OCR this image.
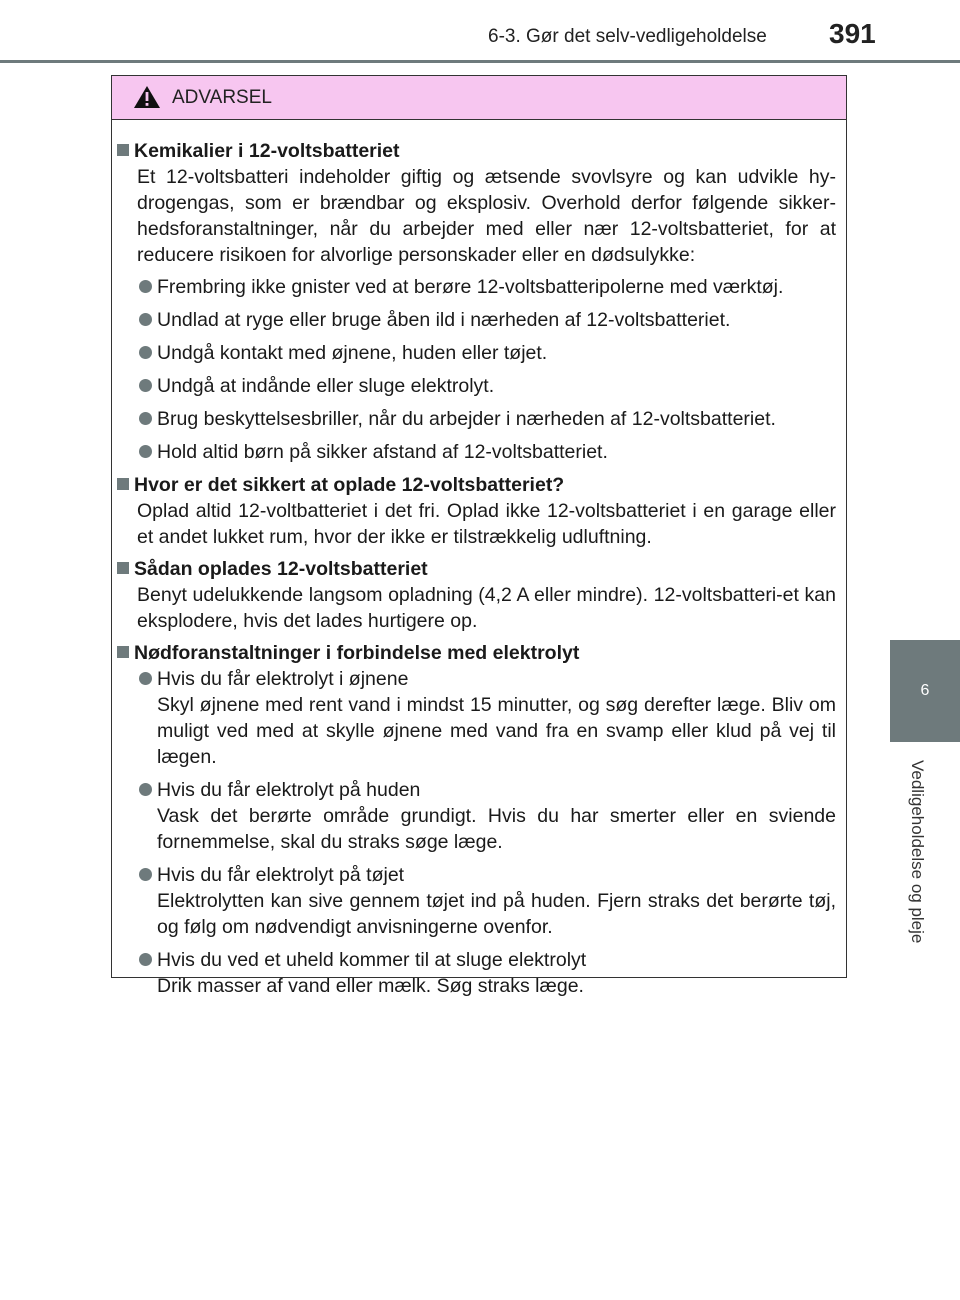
6-3. Gør det selv-vedligeholdelse 391
6
Vedligeholdelse og pleje
ADVARSEL
Kemikalier i 12-voltsbatteriet
Et 12-voltsbatteri indeholder giftig og ætsende svovlsyre og kan udvikle hy-drogengas, som er brændbar og eksplosiv. Overhold derfor følgende sikker-hedsforanstaltninger, når du arbejder med eller nær 12-voltsbatteriet, for at reducere risikoen for alvorlige personskader eller en dødsulykke:
Frembring ikke gnister ved at berøre 12-voltsbatteripolerne med værktøj.
Undlad at ryge eller bruge åben ild i nærheden af 12-voltsbatteriet.
Undgå kontakt med øjnene, huden eller tøjet.
Undgå at indånde eller sluge elektrolyt.
Brug beskyttelsesbriller, når du arbejder i nærheden af 12-voltsbatteriet.
Hold altid børn på sikker afstand af 12-voltsbatteriet.
Hvor er det sikkert at oplade 12-voltsbatteriet?
Oplad altid 12-voltbatteriet i det fri. Oplad ikke 12-voltsbatteriet i en garage eller et andet lukket rum, hvor der ikke er tilstrækkelig udluftning.
Sådan oplades 12-voltsbatteriet
Benyt udelukkende langsom opladning (4,2 A eller mindre). 12-voltsbatteri-et kan eksplodere, hvis det lades hurtigere op.
Nødforanstaltninger i forbindelse med elektrolyt
Hvis du får elektrolyt i øjnene
Skyl øjnene med rent vand i mindst 15 minutter, og søg derefter læge. Bliv om muligt ved med at skylle øjnene med vand fra en svamp eller klud på vej til lægen.
Hvis du får elektrolyt på huden
Vask det berørte område grundigt. Hvis du har smerter eller en sviende fornemmelse, skal du straks søge læge.
Hvis du får elektrolyt på tøjet
Elektrolytten kan sive gennem tøjet ind på huden. Fjern straks det berørte tøj, og følg om nødvendigt anvisningerne ovenfor.
Hvis du ved et uheld kommer til at sluge elektrolyt
Drik masser af vand eller mælk. Søg straks læge.
